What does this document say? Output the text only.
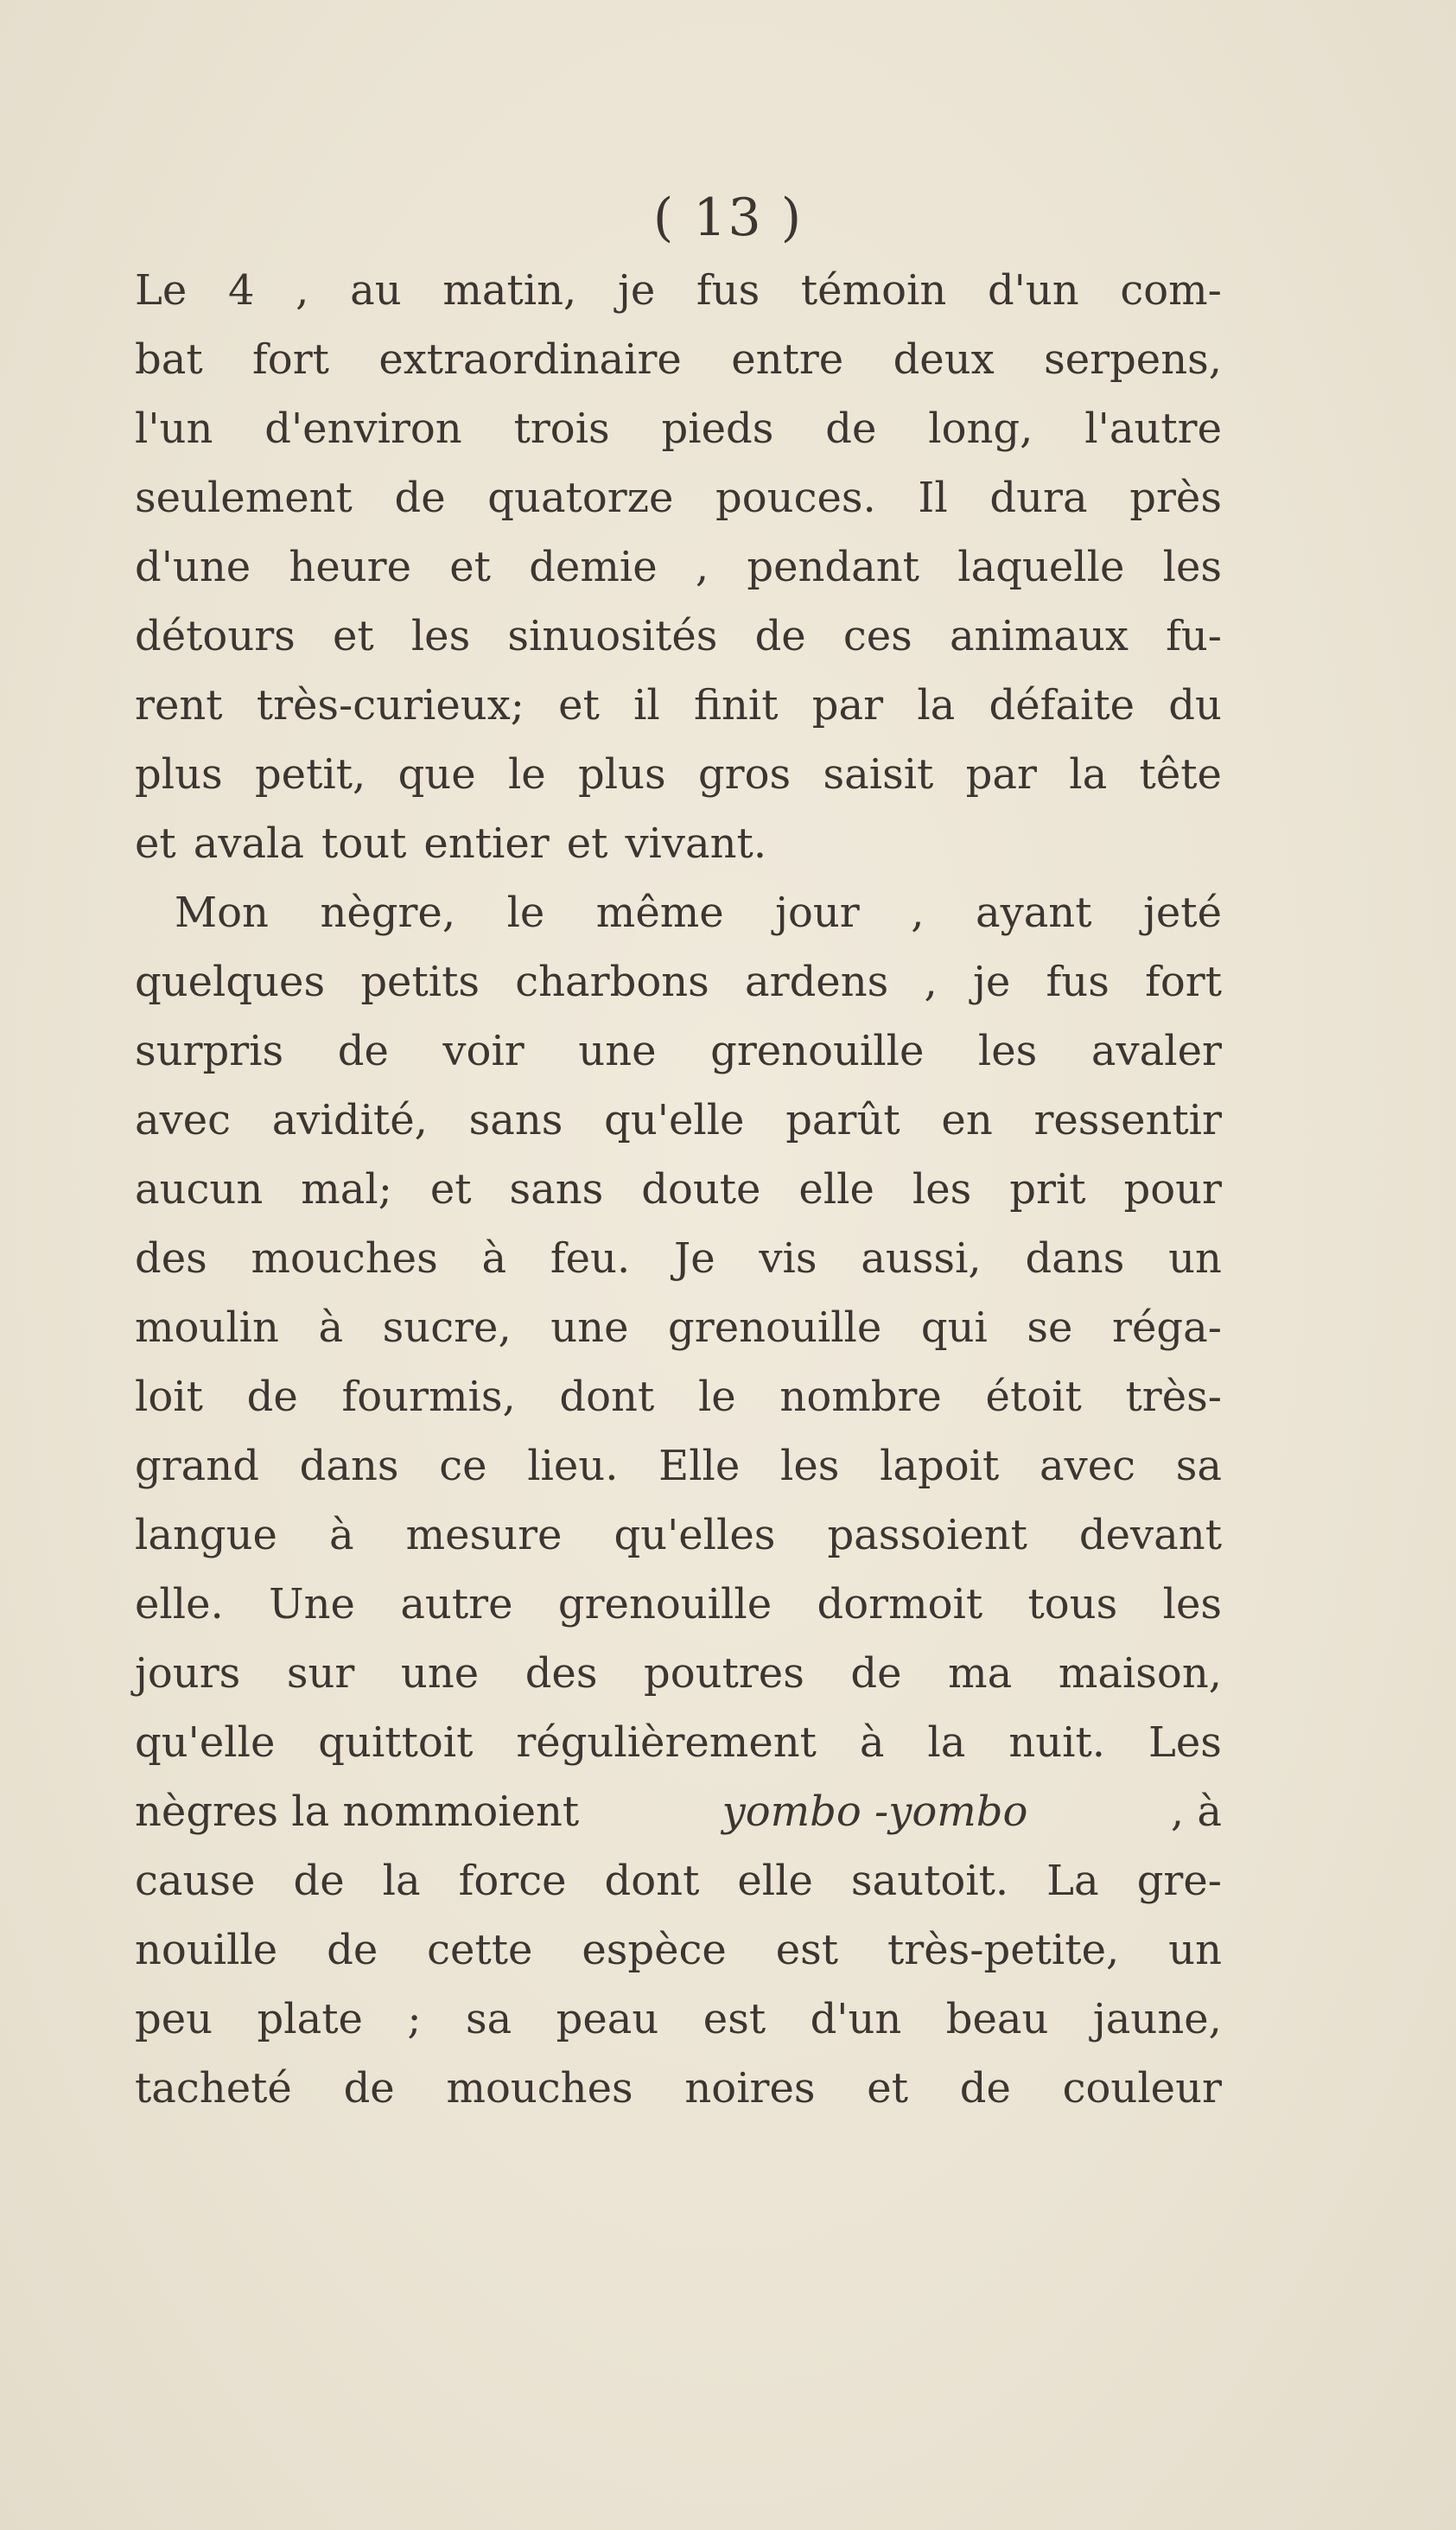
( 13 )
Le 4 , au matin, je fus témoin d'un com-
bat fort extraordinaire entre deux serpens,
l'un d'environ trois pieds de long, l'autre
seulement de quatorze pouces. Il dura près
d'une heure et demie , pendant laquelle les
détours et les sinuosités de ces animaux fu-
rent très-curieux; et il finit par la défaite du
plus petit, que le plus gros saisit par la tête
et avala tout entier et vivant.
Mon nègre, le même jour , ayant jeté
quelques petits charbons ardens , je fus fort
surpris de voir une grenouille les avaler
avec avidité, sans qu'elle parût en ressentir
aucun mal; et sans doute elle les prit pour
des mouches à feu. Je vis aussi, dans un
moulin à sucre, une grenouille qui se réga-
loit de fourmis, dont le nombre étoit très-
grand dans ce lieu. Elle les lapoit avec sa
langue à mesure qu'elles passoient devant
elle. Une autre grenouille dormoit tous les
jours sur une des poutres de ma maison,
qu'elle quittoit régulièrement à la nuit. Les
nègres la nommoient	yombo -yombo	, à
cause de la force dont elle sautoit. La gre-
nouille de cette espèce est très-petite, un
peu plate ; sa peau est d'un beau jaune,
tacheté de mouches noires et de couleur
